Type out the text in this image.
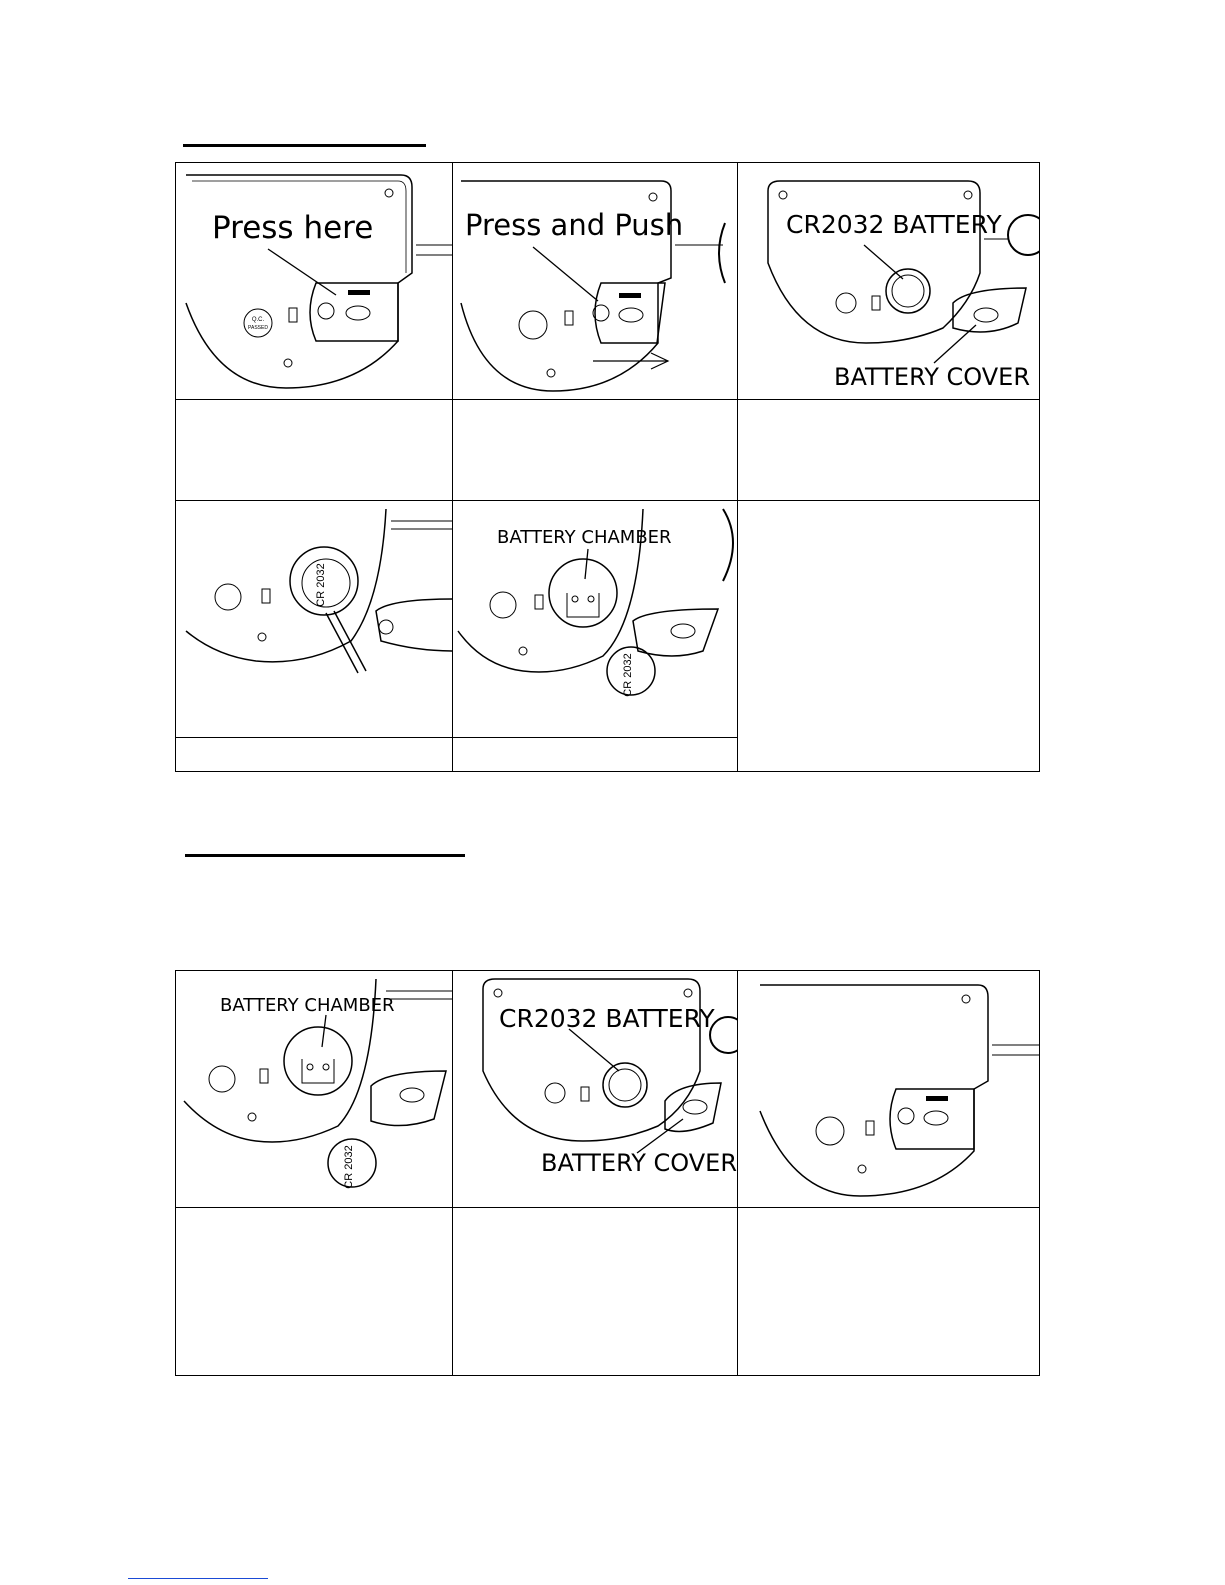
Q.C.
PASSED
Press here	Press and Push	CR2032 BATTERY
BATTERY COVER

CR 2032	CR 2032
BATTERY CHAMBER	

CR 2032
BATTERY CHAMBER	CR2032 BATTERY
BATTERY COVER
